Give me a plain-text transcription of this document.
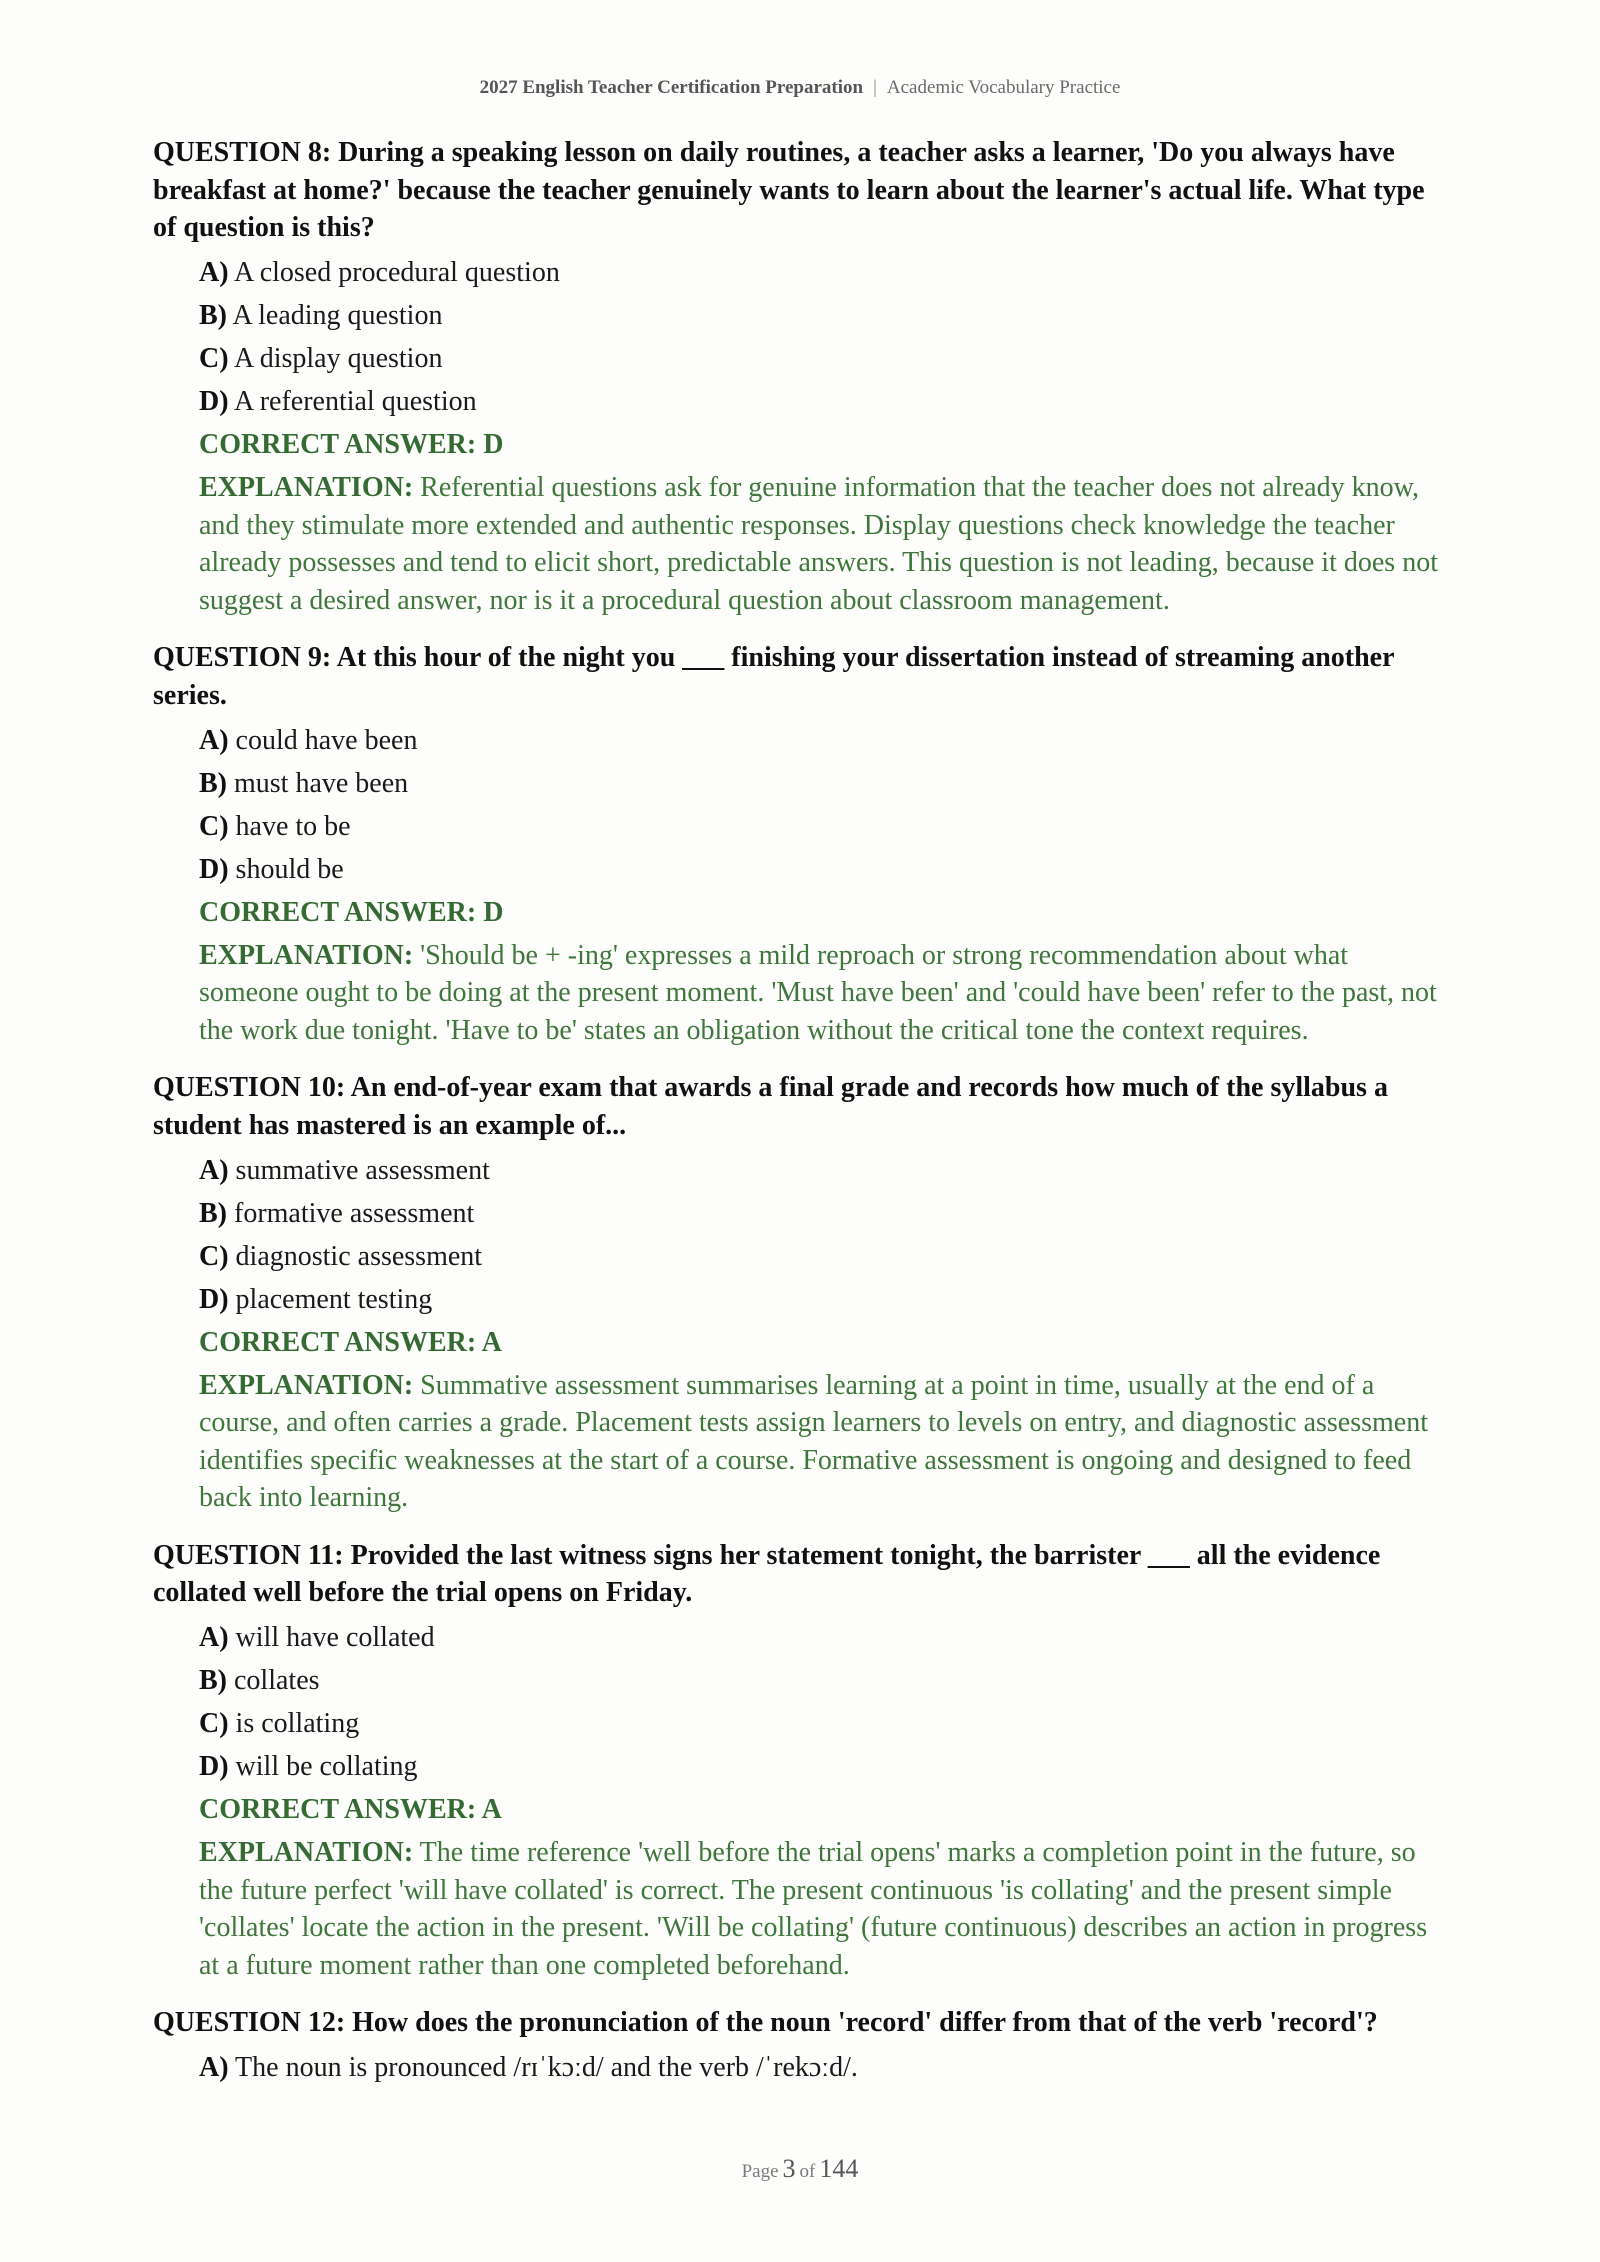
2027 English Teacher Certification Preparation | Academic Vocabulary Practice

QUESTION 8: During a speaking lesson on daily routines, a teacher asks a learner, 'Do you always have breakfast at home?' because the teacher genuinely wants to learn about the learner's actual life. What type of question is this?

A) A closed procedural question
B) A leading question
C) A display question
D) A referential question
CORRECT ANSWER: D

EXPLANATION: Referential questions ask for genuine information that the teacher does not already know, and they stimulate more extended and authentic responses. Display questions check knowledge the teacher already possesses and tend to elicit short, predictable answers. This question is not leading, because it does not suggest a desired answer, nor is it a procedural question about classroom management.

QUESTION 9: At this hour of the night you ___ finishing your dissertation instead of streaming another series.

A) could have been
B) must have been
C) have to be
D) should be
CORRECT ANSWER: D

EXPLANATION: 'Should be + -ing' expresses a mild reproach or strong recommendation about what someone ought to be doing at the present moment. 'Must have been' and 'could have been' refer to the past, not the work due tonight. 'Have to be' states an obligation without the critical tone the context requires.

QUESTION 10: An end-of-year exam that awards a final grade and records how much of the syllabus a student has mastered is an example of...

A) summative assessment
B) formative assessment
C) diagnostic assessment
D) placement testing
CORRECT ANSWER: A

EXPLANATION: Summative assessment summarises learning at a point in time, usually at the end of a course, and often carries a grade. Placement tests assign learners to levels on entry, and diagnostic assessment identifies specific weaknesses at the start of a course. Formative assessment is ongoing and designed to feed back into learning.

QUESTION 11: Provided the last witness signs her statement tonight, the barrister ___ all the evidence collated well before the trial opens on Friday.

A) will have collated
B) collates
C) is collating
D) will be collating
CORRECT ANSWER: A

EXPLANATION: The time reference 'well before the trial opens' marks a completion point in the future, so the future perfect 'will have collated' is correct. The present continuous 'is collating' and the present simple 'collates' locate the action in the present. 'Will be collating' (future continuous) describes an action in progress at a future moment rather than one completed beforehand.

QUESTION 12: How does the pronunciation of the noun 'record' differ from that of the verb 'record'?

A) The noun is pronounced /rɪˈkɔːd/ and the verb /ˈrekɔːd/.
Page 3 of 144
